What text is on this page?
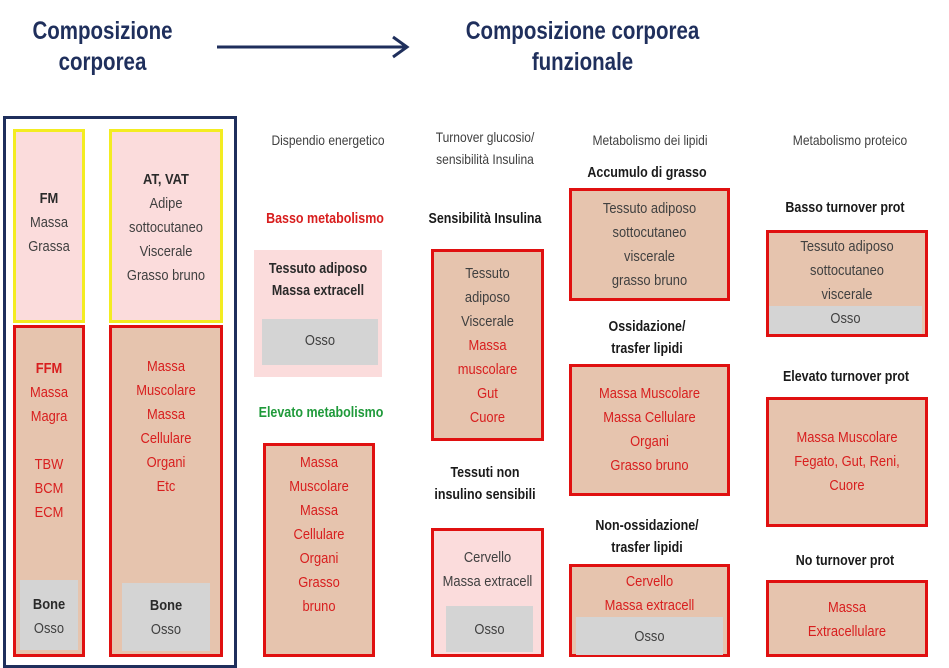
Composizione
corporea
Composizione corporea
funzionale
FM
Massa
Grassa
AT, VAT
Adipe
sottocutaneo
Viscerale
Grasso bruno
FFM
Massa
Magra
TBW
BCM
ECM
Bone
Osso
Massa
Muscolare
Massa
Cellulare
Organi
Etc
Bone
Osso
Dispendio energetico
Basso metabolismo
Tessuto adiposo
Massa extracell
Osso
Elevato metabolismo
Massa
Muscolare
Massa
Cellulare
Organi
Grasso
bruno
Turnover glucosio/
sensibilità Insulina
Sensibilità Insulina
Tessuto adiposo
Viscerale
Massa
muscolare
Gut
Cuore
Tessuti non
insulino sensibili
Cervello
Massa extracell
Osso
Metabolismo dei lipidi
Accumulo di grasso
Tessuto adiposo
sottocutaneo
viscerale
grasso bruno
Ossidazione/
trasfer lipidi
Massa Muscolare
Massa Cellulare
Organi
Grasso bruno
Non-ossidazione/
trasfer lipidi
Cervello
Massa extracell
Osso
Metabolismo proteico
Basso turnover prot
Tessuto adiposo
sottocutaneo
viscerale
Osso
Elevato turnover prot
Massa Muscolare
Fegato, Gut, Reni,
Cuore
No turnover prot
Massa
Extracellulare
